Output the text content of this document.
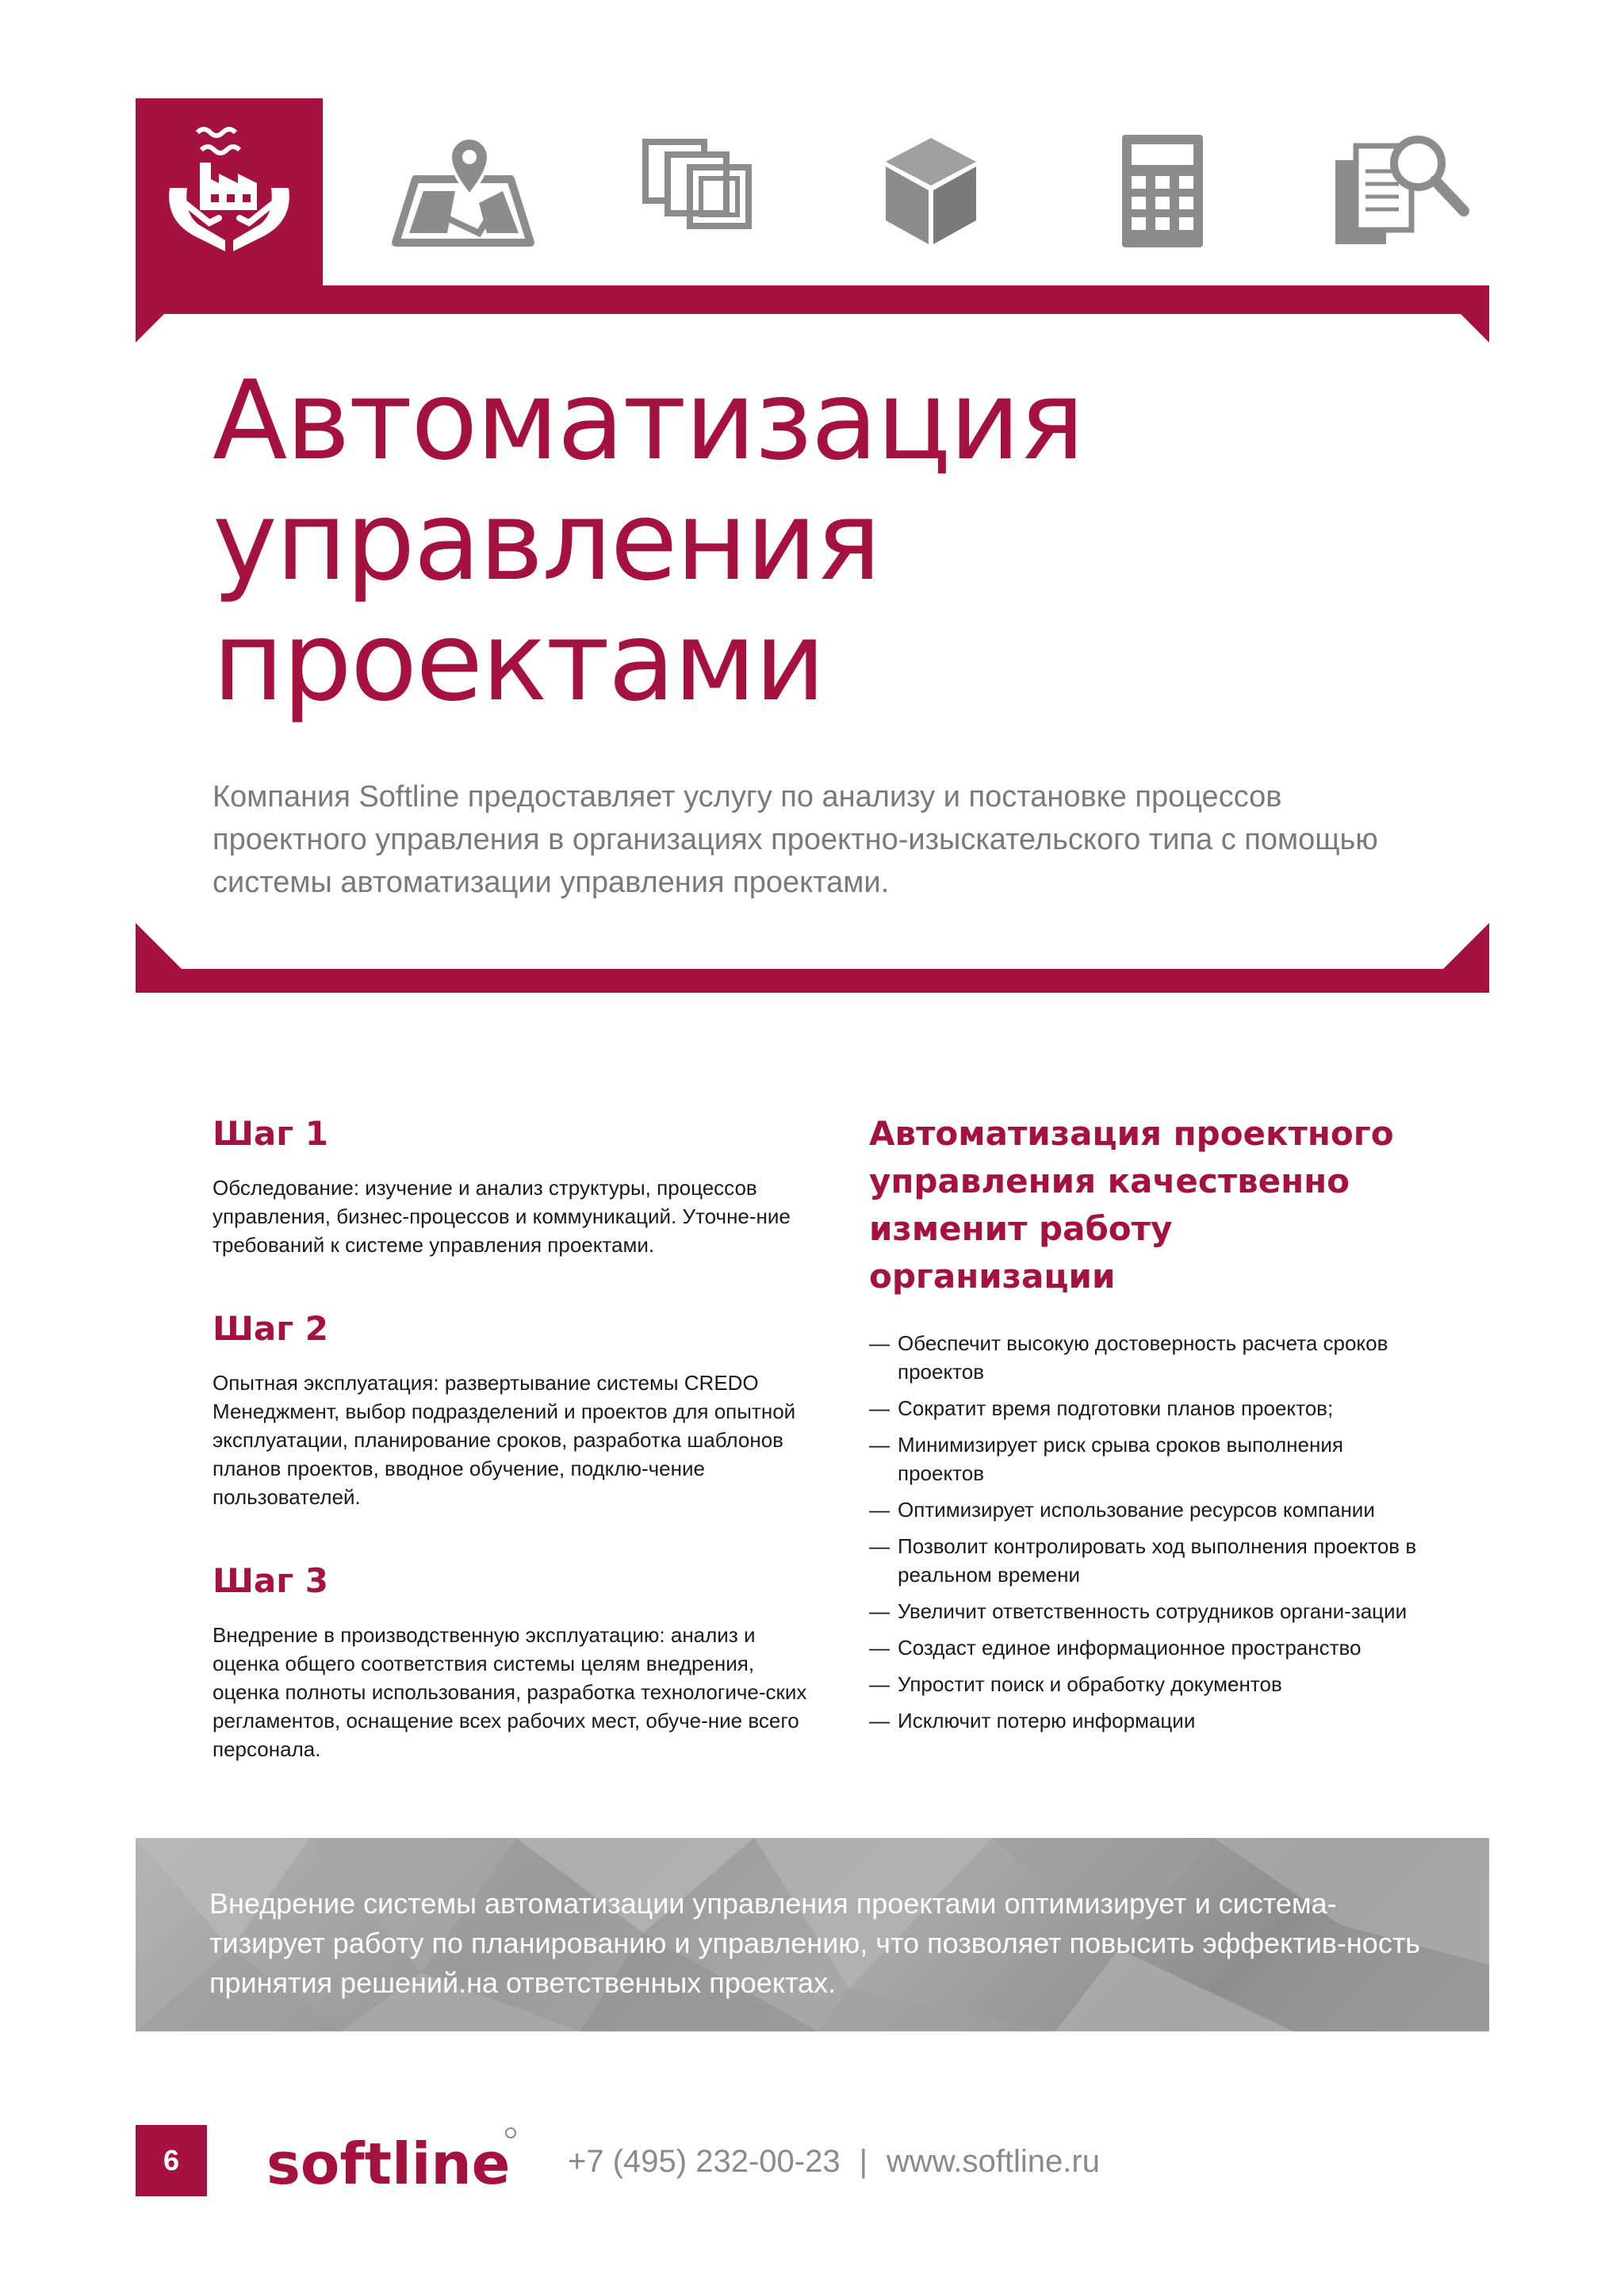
Автоматизация
управления
проектами

Компания Softline предоставляет услугу по анализу и постановке процессов проектного управления в организациях проектно-изыскательского типа с помощью системы автоматизации управления проектами.

Шаг 1

Обследование: изучение и анализ структуры, процессов управления, бизнес-процессов и коммуникаций. Уточне-ние требований к системе управления проектами.

Шаг 2

Опытная эксплуатация: развертывание системы CREDO Менеджмент, выбор подразделений и проектов для опытной эксплуатации, планирование сроков, разработка шаблонов планов проектов, вводное обучение, подклю-чение пользователей.

Шаг 3

Внедрение в производственную эксплуатацию: анализ и оценка общего соответствия системы целям внедрения, оценка полноты использования, разработка технологиче-ских регламентов, оснащение всех рабочих мест, обуче-ние всего персонала.

Автоматизация проектного управления качественно изменит работу организации
— Обеспечит высокую достоверность расчета сроков проектов
— Сократит время подготовки планов проектов;
— Минимизирует риск срыва сроков выполнения проектов
— Оптимизирует использование ресурсов компании
— Позволит контролировать ход выполнения проектов в реальном времени
— Увеличит ответственность сотрудников органи-зации
— Создаст единое информационное пространство
— Упростит поиск и обработку документов
— Исключит потерю информации

Внедрение системы автоматизации управления проектами оптимизирует и система-тизирует работу по планированию и управлению, что позволяет повысить эффектив-ность принятия решений.на ответственных проектах.

6	softline +7 (495) 232-00-23 | www.softline.ru
